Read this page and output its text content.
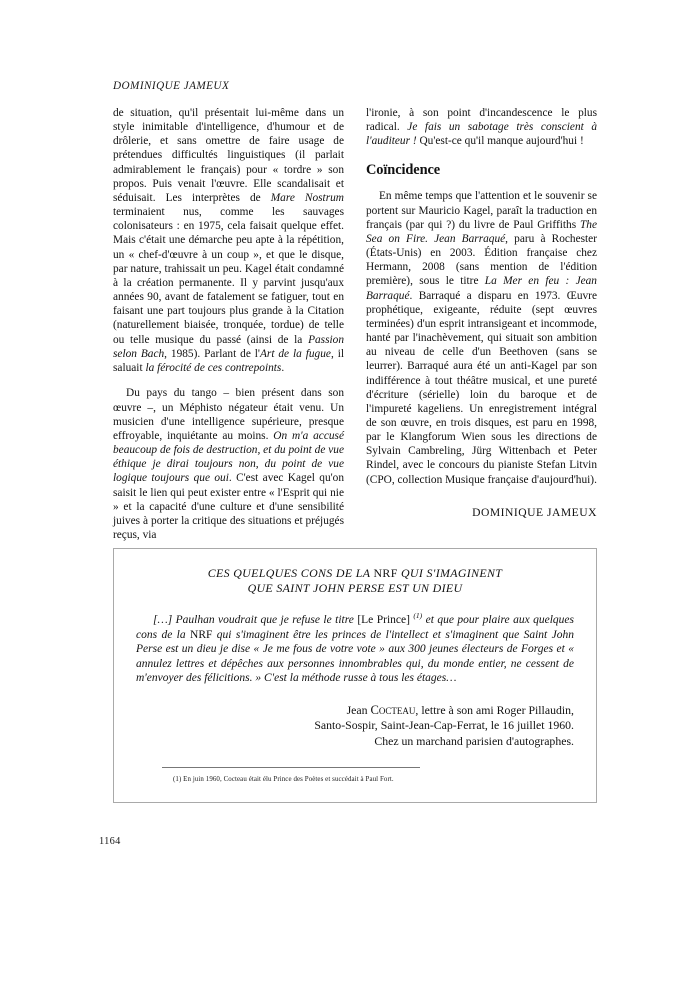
DOMINIQUE JAMEUX

de situation, qu'il présentait lui-même dans un style inimitable d'intelligence, d'humour et de drôlerie, et sans omettre de faire usage de prétendues difficultés linguistiques (il parlait admirablement le français) pour « tordre » son propos. Puis venait l'œuvre. Elle scandalisait et séduisait. Les interprètes de Mare Nostrum terminaient nus, comme les sauvages colonisateurs : en 1975, cela faisait quelque effet. Mais c'était une démarche peu apte à la répétition, un « chef-d'œuvre à un coup », et que le disque, par nature, trahissait un peu. Kagel était condamné à la création permanente. Il y parvint jusqu'aux années 90, avant de fatalement se fatiguer, tout en faisant une part toujours plus grande à la Citation (naturellement biaisée, tronquée, tordue) de telle ou telle musique du passé (ainsi de la Passion selon Bach, 1985). Parlant de l'Art de la fugue, il saluait la férocité de ces contrepoints.

Du pays du tango – bien présent dans son œuvre –, un Méphisto négateur était venu. Un musicien d'une intelligence supérieure, presque effroyable, inquiétante au moins. On m'a accusé beaucoup de fois de destruction, et du point de vue éthique je dirai toujours non, du point de vue logique toujours que oui. C'est avec Kagel qu'on saisit le lien qui peut exister entre « l'Esprit qui nie » et la capacité d'une culture et d'une sensibilité juives à porter la critique des situations et préjugés reçus, via

l'ironie, à son point d'incandescence le plus radical. Je fais un sabotage très conscient à l'auditeur ! Qu'est-ce qu'il manque aujourd'hui !

Coïncidence

En même temps que l'attention et le souvenir se portent sur Mauricio Kagel, paraît la traduction en français (par qui ?) du livre de Paul Griffiths The Sea on Fire. Jean Barraqué, paru à Rochester (États-Unis) en 2003. Édition française chez Hermann, 2008 (sans mention de l'édition première), sous le titre La Mer en feu : Jean Barraqué. Barraqué a disparu en 1973. Œuvre prophétique, exigeante, réduite (sept œuvres terminées) d'un esprit intransigeant et incommode, hanté par l'inachèvement, qui situait son ambition au niveau de celle d'un Beethoven (sans se leurrer). Barraqué aura été un anti-Kagel par son indifférence à tout théâtre musical, et une pureté d'écriture (sérielle) loin du baroque et de l'impureté kageliens. Un enregistrement intégral de son œuvre, en trois disques, est paru en 1998, par le Klangforum Wien sous les directions de Sylvain Cambreling, Jürg Wittenbach et Peter Rindel, avec le concours du pianiste Stefan Litvin (CPO, collection Musique française d'aujourd'hui).

DOMINIQUE JAMEUX
CES QUELQUES CONS DE LA NRF QUI S'IMAGINENT
QUE SAINT JOHN PERSE EST UN DIEU

[…] Paulhan voudrait que je refuse le titre [Le Prince] $^{(1)}$ et que pour plaire aux quelques cons de la NRF qui s'imaginent être les princes de l'intellect et s'imaginent que Saint John Perse est un dieu je dise « Je me fous de votre vote » aux 300 jeunes électeurs de Forges et « annulez lettres et dépêches aux personnes innombrables qui, du monde entier, ne cessent de m'envoyer des félicitions. » C'est la méthode russe à tous les étages…

Jean Cocteau, lettre à son ami Roger Pillaudin,
Santo-Sospir, Saint-Jean-Cap-Ferrat, le 16 juillet 1960.
Chez un marchand parisien d'autographes.
(1) En juin 1960, Cocteau était élu Prince des Poètes et succédait à Paul Fort.
1164
